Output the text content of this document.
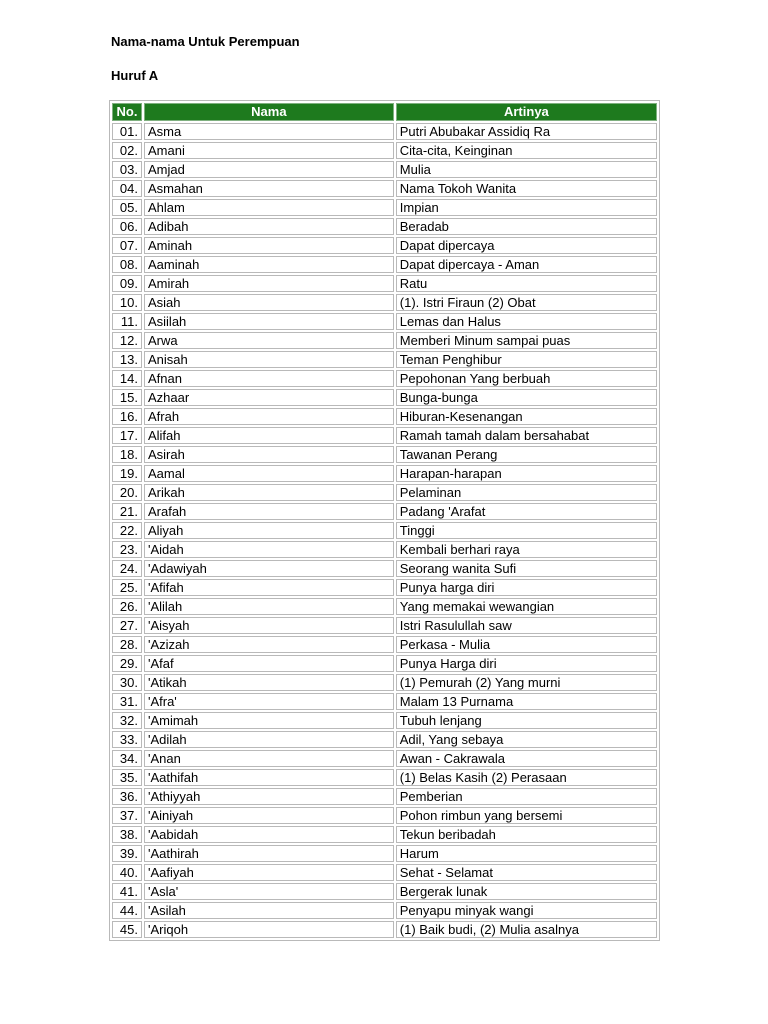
Nama-nama Untuk Perempuan
Huruf A
No.	Nama	Artinya
01.	Asma	Putri Abubakar Assidiq Ra
02.	Amani	Cita-cita, Keinginan
03.	Amjad	Mulia
04.	Asmahan	Nama Tokoh Wanita
05.	Ahlam	Impian
06.	Adibah	Beradab
07.	Aminah	Dapat dipercaya
08.	Aaminah	Dapat dipercaya - Aman
09.	Amirah	Ratu
10.	Asiah	(1). Istri Firaun (2) Obat
11.	Asiilah	Lemas dan Halus
12.	Arwa	Memberi Minum sampai puas
13.	Anisah	Teman Penghibur
14.	Afnan	Pepohonan Yang berbuah
15.	Azhaar	Bunga-bunga
16.	Afrah	Hiburan-Kesenangan
17.	Alifah	Ramah tamah dalam bersahabat
18.	Asirah	Tawanan Perang
19.	Aamal	Harapan-harapan
20.	Arikah	Pelaminan
21.	Arafah	Padang 'Arafat
22.	Aliyah	Tinggi
23.	'Aidah	Kembali berhari raya
24.	'Adawiyah	Seorang wanita Sufi
25.	'Afifah	Punya harga diri
26.	'Alilah	Yang memakai wewangian
27.	'Aisyah	Istri Rasulullah saw
28.	'Azizah	Perkasa - Mulia
29.	'Afaf	Punya Harga diri
30.	'Atikah	(1) Pemurah (2) Yang murni
31.	'Afra'	Malam 13 Purnama
32.	'Amimah	Tubuh lenjang
33.	'Adilah	Adil, Yang sebaya
34.	'Anan	Awan - Cakrawala
35.	'Aathifah	(1) Belas Kasih (2) Perasaan
36.	'Athiyyah	Pemberian
37.	'Ainiyah	Pohon rimbun yang bersemi
38.	'Aabidah	Tekun beribadah
39.	'Aathirah	Harum
40.	'Aafiyah	Sehat - Selamat
41.	'Asla'	Bergerak lunak
44.	'Asilah	Penyapu minyak wangi
45.	'Ariqoh	(1) Baik budi, (2) Mulia asalnya
